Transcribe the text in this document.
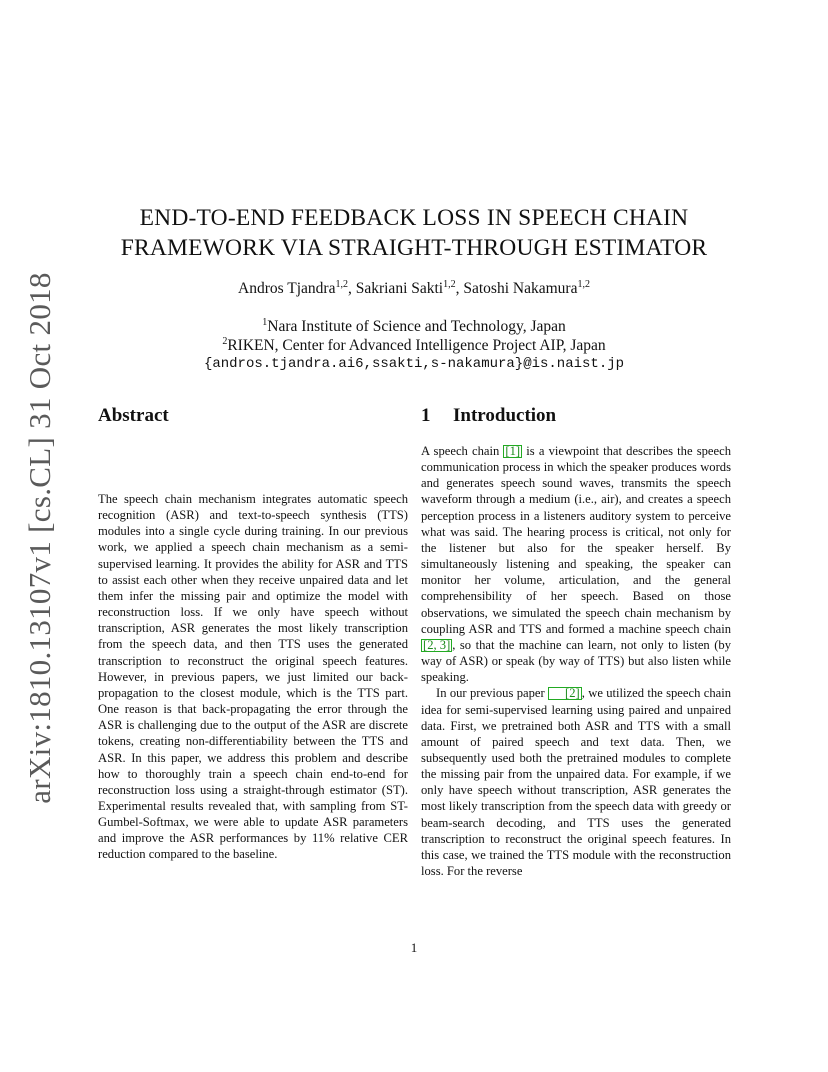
arXiv:1810.13107v1 [cs.CL] 31 Oct 2018
END-TO-END FEEDBACK LOSS IN SPEECH CHAIN
FRAMEWORK VIA STRAIGHT-THROUGH ESTIMATOR
Andros Tjandra$^{1,2}$, Sakriani Sakti$^{1,2}$, Satoshi Nakamura$^{1,2}$
$^1$Nara Institute of Science and Technology, Japan
$^2$RIKEN, Center for Advanced Intelligence Project AIP, Japan
{andros.tjandra.ai6,ssakti,s-nakamura}@is.naist.jp
Abstract	1 Introduction

The speech chain mechanism integrates automatic speech recognition (ASR) and text-to-speech synthesis (TTS) modules into a single cycle during training. In our previous work, we applied a speech chain mechanism as a semi-supervised learning. It provides the ability for ASR and TTS to assist each other when they receive unpaired data and let them infer the missing pair and optimize the model with reconstruction loss. If we only have speech without transcription, ASR generates the most likely transcription from the speech data, and then TTS uses the generated transcription to reconstruct the original speech features. However, in previous papers, we just limited our back-propagation to the closest module, which is the TTS part. One reason is that back-propagating the error through the ASR is challenging due to the output of the ASR are discrete tokens, creating non-differentiability between the TTS and ASR. In this paper, we address this problem and describe how to thoroughly train a speech chain end-to-end for reconstruction loss using a straight-through estimator (ST). Experimental results revealed that, with sampling from ST-Gumbel-Softmax, we were able to update ASR parameters and improve the ASR performances by 11% relative CER reduction compared to the baseline.

A speech chain [1] is a viewpoint that describes the speech communication process in which the speaker produces words and generates speech sound waves, transmits the speech waveform through a medium (i.e., air), and creates a speech perception process in a listeners auditory system to perceive what was said. The hearing process is critical, not only for the listener but also for the speaker herself. By simultaneously listening and speaking, the speaker can monitor her volume, articulation, and the general comprehensibility of her speech. Based on those observations, we simulated the speech chain mechanism by coupling ASR and TTS and formed a machine speech chain [2, 3] , so that the machine can learn, not only to listen (by way of ASR) or speak (by way of TTS) but also listen while speaking.

In our previous paper [2] , we utilized the speech chain idea for semi-supervised learning using paired and unpaired data. First, we pretrained both ASR and TTS with a small amount of paired speech and text data. Then, we subsequently used both the pretrained modules to complete the missing pair from the unpaired data. For example, if we only have speech without transcription, ASR generates the most likely transcription from the speech data with greedy or beam-search decoding, and TTS uses the generated transcription to reconstruct the original speech features. In this case, we trained the TTS module with the reconstruction loss. For the reverse

1
